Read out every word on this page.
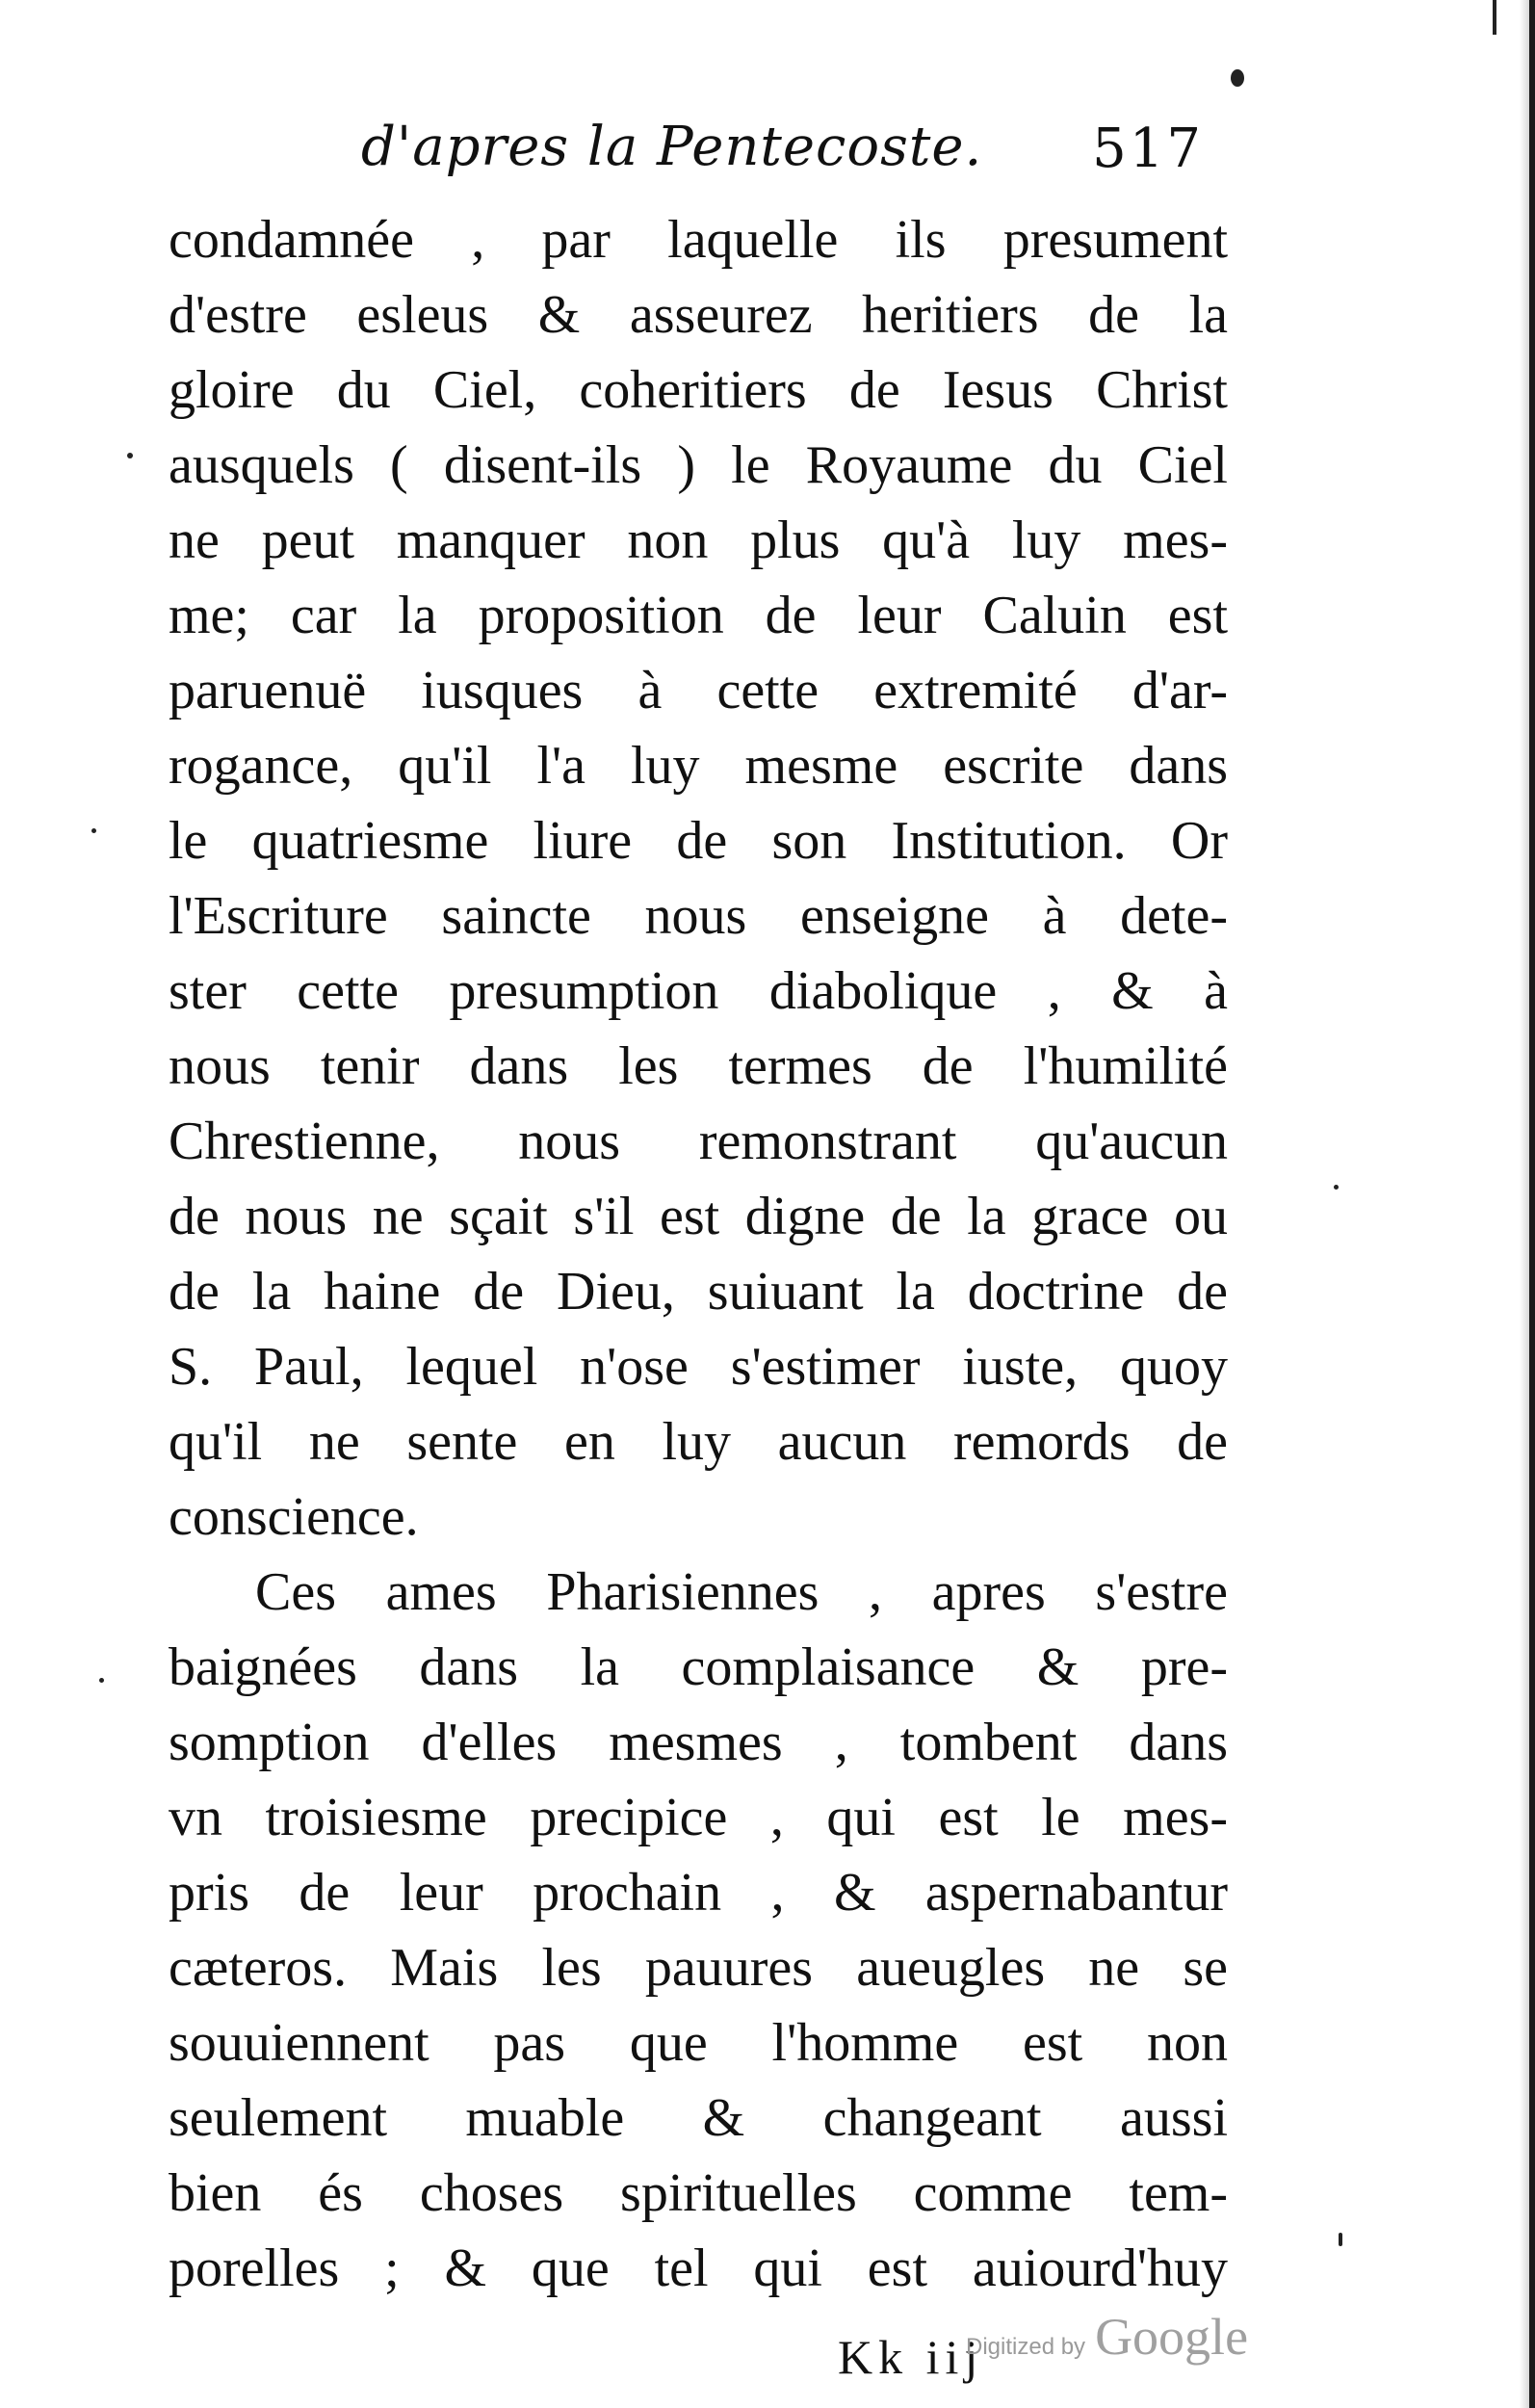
d'apres la Pentecoste. 517
condamnée , par laquelle ils presument
d'estre esleus & asseurez heritiers de la
gloire du Ciel, coheritiers de Iesus Christ
ausquels ( disent-ils ) le Royaume du Ciel
ne peut manquer non plus qu'à luy mes-
me; car la proposition de leur Caluin est
paruenuë iusques à cette extremité d'ar-
rogance, qu'il l'a luy mesme escrite dans
le quatriesme liure de son Institution. Or
l'Escriture saincte nous enseigne à dete-
ster cette presumption diabolique , & à
nous tenir dans les termes de l'humilité
Chrestienne, nous remonstrant qu'aucun
de nous ne sçait s'il est digne de la grace ou
de la haine de Dieu, suiuant la doctrine de
S. Paul, lequel n'ose s'estimer iuste, quoy
qu'il ne sente en luy aucun remords de
conscience.
Ces ames Pharisiennes , apres s'estre
baignées dans la complaisance & pre-
somption d'elles mesmes , tombent dans
vn troisiesme precipice , qui est le mes-
pris de leur prochain , & aspernabantur
cæteros. Mais les pauures aueugles ne se
souuiennent pas que l'homme est non
seulement muable & changeant aussi
bien és choses spirituelles comme tem-
porelles ; & que tel qui est auiourd'huy
Kk iij
Digitized by Google
